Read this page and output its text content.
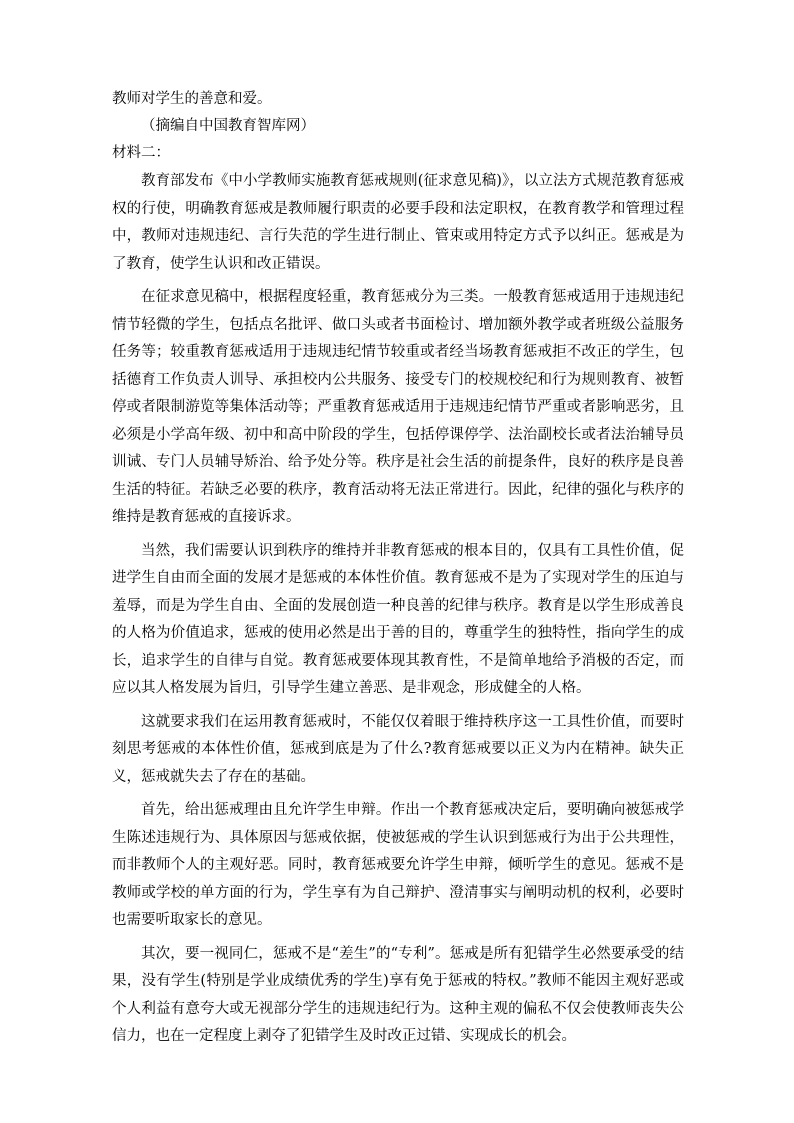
教师对学生的善意和爱。

（摘编自中国教育智库网）

材料二：

教育部发布《中小学教师实施教育惩戒规则(征求意见稿)》，以立法方式规范教育惩戒权的行使，明确教育惩戒是教师履行职责的必要手段和法定职权，在教育教学和管理过程中，教师对违规违纪、言行失范的学生进行制止、管束或用特定方式予以纠正。惩戒是为了教育，使学生认识和改正错误。

在征求意见稿中，根据程度轻重，教育惩戒分为三类。一般教育惩戒适用于违规违纪情节轻微的学生，包括点名批评、做口头或者书面检讨、增加额外教学或者班级公益服务任务等；较重教育惩戒适用于违规违纪情节较重或者经当场教育惩戒拒不改正的学生，包括德育工作负责人训导、承担校内公共服务、接受专门的校规校纪和行为规则教育、被暂停或者限制游览等集体活动等；严重教育惩戒适用于违规违纪情节严重或者影响恶劣，且必须是小学高年级、初中和高中阶段的学生，包括停课停学、法治副校长或者法治辅导员训诫、专门人员辅导矫治、给予处分等。秩序是社会生活的前提条件，良好的秩序是良善生活的特征。若缺乏必要的秩序，教育活动将无法正常进行。因此，纪律的强化与秩序的维持是教育惩戒的直接诉求。

当然，我们需要认识到秩序的维持并非教育惩戒的根本目的，仅具有工具性价值，促进学生自由而全面的发展才是惩戒的本体性价值。教育惩戒不是为了实现对学生的压迫与羞辱，而是为学生自由、全面的发展创造一种良善的纪律与秩序。教育是以学生形成善良的人格为价值追求，惩戒的使用必然是出于善的目的，尊重学生的独特性，指向学生的成长，追求学生的自律与自觉。教育惩戒要体现其教育性，不是简单地给予消极的否定，而应以其人格发展为旨归，引导学生建立善恶、是非观念，形成健全的人格。

这就要求我们在运用教育惩戒时，不能仅仅着眼于维持秩序这一工具性价值，而要时刻思考惩戒的本体性价值，惩戒到底是为了什么?教育惩戒要以正义为内在精神。缺失正义，惩戒就失去了存在的基础。

首先，给出惩戒理由且允许学生申辩。作出一个教育惩戒决定后，要明确向被惩戒学生陈述违规行为、具体原因与惩戒依据，使被惩戒的学生认识到惩戒行为出于公共理性，而非教师个人的主观好恶。同时，教育惩戒要允许学生申辩，倾听学生的意见。惩戒不是教师或学校的单方面的行为，学生享有为自己辩护、澄清事实与阐明动机的权利，必要时也需要听取家长的意见。

其次，要一视同仁，惩戒不是“差生”的“专利”。惩戒是所有犯错学生必然要承受的结果，没有学生(特别是学业成绩优秀的学生)享有免于惩戒的特权。”教师不能因主观好恶或个人利益有意夸大或无视部分学生的违规违纪行为。这种主观的偏私不仅会使教师丧失公信力，也在一定程度上剥夺了犯错学生及时改正过错、实现成长的机会。
